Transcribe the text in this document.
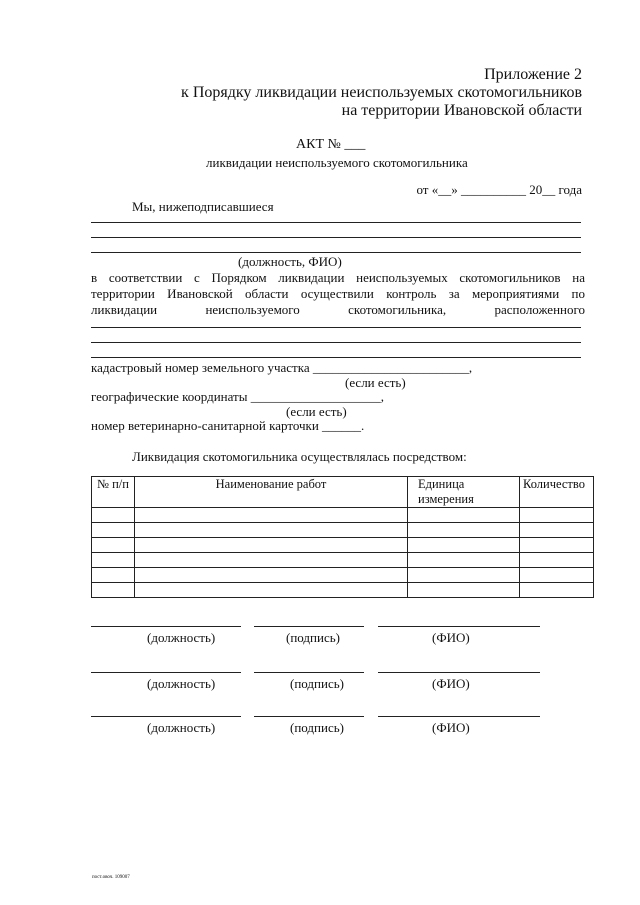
Приложение 2
к Порядку ликвидации неиспользуемых скотомогильников
на территории Ивановской области
АКТ № ___
ликвидации неиспользуемого скотомогильника
от «__» __________ 20__ года
Мы, нижеподписавшиеся
(должность, ФИО)
в соответствии с Порядком ликвидации неиспользуемых скотомогильников на
территории Ивановской области осуществили контроль за мероприятиями по
ликвидации неиспользуемого скотомогильника, расположенного
кадастровый номер земельного участка ________________________,
(если есть)
географические координаты ____________________,
(если есть)
номер ветеринарно-санитарной карточки ______.
Ликвидация скотомогильника осуществлялась посредством:
№ п/п	Наименование работ	Единица измерения	Количество

(должность)	(подпись)	(ФИО)
(должность)	(подпись)	(ФИО)
(должность)	(подпись)	(ФИО)
пост.овоч. 109007
